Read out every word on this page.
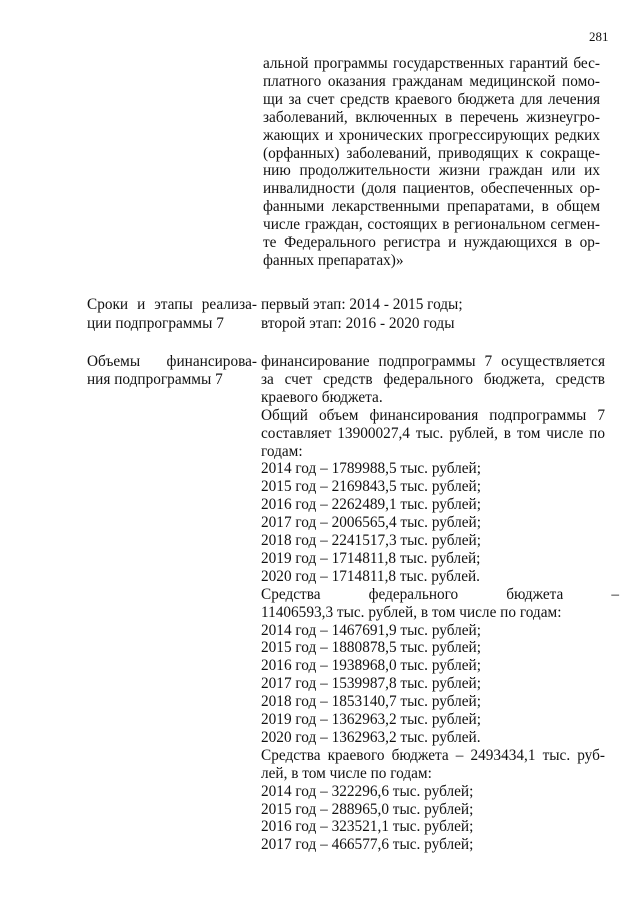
281
альной программы государственных гарантий бес-
платного оказания гражданам медицинской помо-
щи за счет средств краевого бюджета для лечения
заболеваний, включенных в перечень жизнеугро-
жающих и хронических прогрессирующих редких
(орфанных) заболеваний, приводящих к сокраще-
нию продолжительности жизни граждан или их
инвалидности (доля пациентов, обеспеченных ор-
фанными лекарственными препаратами, в общем
числе граждан, состоящих в региональном сегмен-
те Федерального регистра и нуждающихся в ор-
фанных препаратах)»
Сроки и этапы реализа-
ции подпрограммы 7
первый этап: 2014 - 2015 годы;
второй этап: 2016 - 2020 годы
Объемы финансирова-
ния подпрограммы 7
финансирование подпрограммы 7 осуществляется
за счет средств федерального бюджета, средств
краевого бюджета.
Общий объем финансирования подпрограммы 7
составляет 13900027,4 тыс. рублей, в том числе по
годам:
2014 год – 1789988,5 тыс. рублей;
2015 год – 2169843,5 тыс. рублей;
2016 год – 2262489,1 тыс. рублей;
2017 год – 2006565,4 тыс. рублей;
2018 год – 2241517,3 тыс. рублей;
2019 год – 1714811,8 тыс. рублей;
2020 год – 1714811,8 тыс. рублей.
Средства федерального бюджета –
11406593,3 тыс. рублей, в том числе по годам:
2014 год – 1467691,9 тыс. рублей;
2015 год – 1880878,5 тыс. рублей;
2016 год – 1938968,0 тыс. рублей;
2017 год – 1539987,8 тыс. рублей;
2018 год – 1853140,7 тыс. рублей;
2019 год – 1362963,2 тыс. рублей;
2020 год – 1362963,2 тыс. рублей.
Средства краевого бюджета – 2493434,1 тыс. руб-
лей, в том числе по годам:
2014 год – 322296,6 тыс. рублей;
2015 год – 288965,0 тыс. рублей;
2016 год – 323521,1 тыс. рублей;
2017 год – 466577,6 тыс. рублей;
